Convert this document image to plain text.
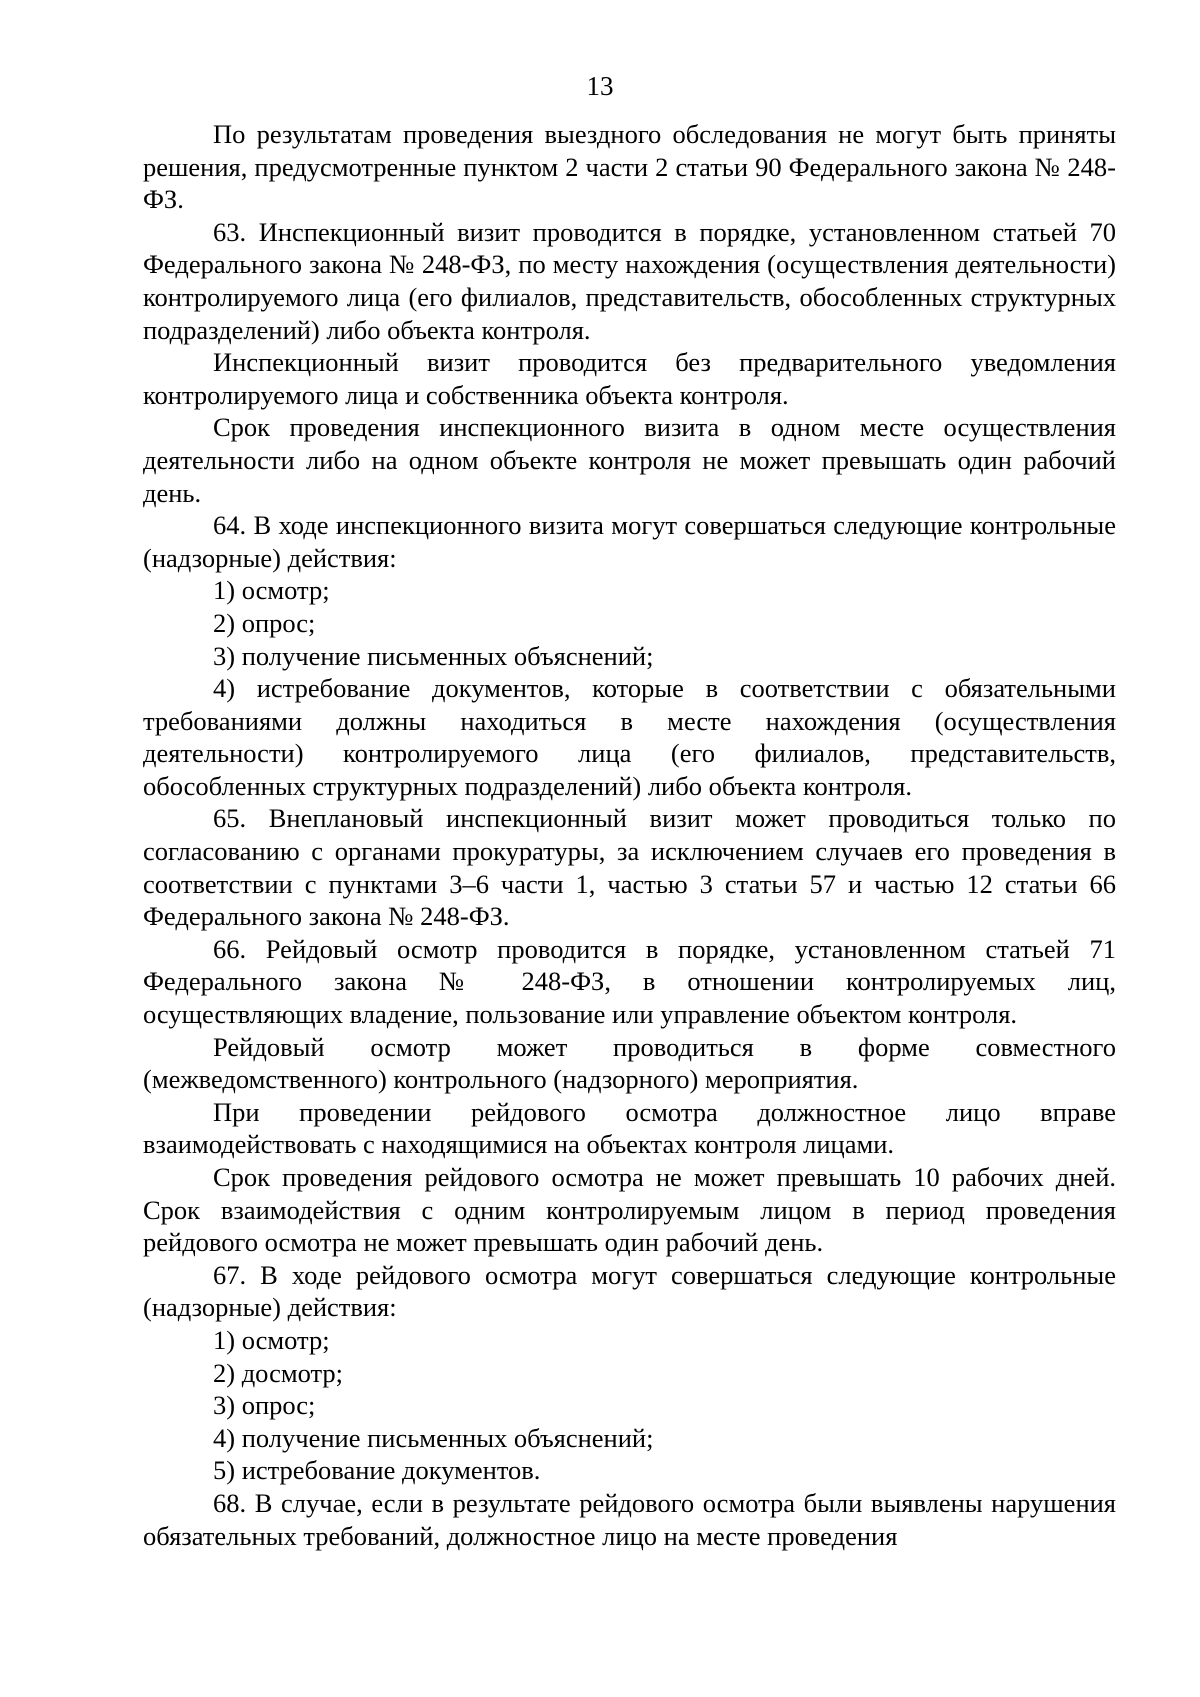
13

По результатам проведения выездного обследования не могут быть приняты решения, предусмотренные пунктом 2 части 2 статьи 90 Федерального закона № 248-ФЗ.

63. Инспекционный визит проводится в порядке, установленном статьей 70 Федерального закона № 248-ФЗ, по месту нахождения (осуществления деятельности) контролируемого лица (его филиалов, представительств, обособленных структурных подразделений) либо объекта контроля.

Инспекционный визит проводится без предварительного уведомления контролируемого лица и собственника объекта контроля.

Срок проведения инспекционного визита в одном месте осуществления деятельности либо на одном объекте контроля не может превышать один рабочий день.

64. В ходе инспекционного визита могут совершаться следующие контрольные (надзорные) действия:

1) осмотр;

2) опрос;

3) получение письменных объяснений;

4) истребование документов, которые в соответствии с обязательными требованиями должны находиться в месте нахождения (осуществления деятельности) контролируемого лица (его филиалов, представительств, обособленных структурных подразделений) либо объекта контроля.

65. Внеплановый инспекционный визит может проводиться только по согласованию с органами прокуратуры, за исключением случаев его проведения в соответствии с пунктами 3–6 части 1, частью 3 статьи 57 и частью 12 статьи 66 Федерального закона № 248-ФЗ.

66. Рейдовый осмотр проводится в порядке, установленном статьей 71 Федерального закона № 248-ФЗ, в отношении контролируемых лиц, осуществляющих владение, пользование или управление объектом контроля.

Рейдовый осмотр может проводиться в форме совместного (межведомственного) контрольного (надзорного) мероприятия.

При проведении рейдового осмотра должностное лицо вправе взаимодействовать с находящимися на объектах контроля лицами.

Срок проведения рейдового осмотра не может превышать 10 рабочих дней. Срок взаимодействия с одним контролируемым лицом в период проведения рейдового осмотра не может превышать один рабочий день.

67. В ходе рейдового осмотра могут совершаться следующие контрольные (надзорные) действия:

1) осмотр;

2) досмотр;

3) опрос;

4) получение письменных объяснений;

5) истребование документов.

68. В случае, если в результате рейдового осмотра были выявлены нарушения обязательных требований, должностное лицо на месте проведения
